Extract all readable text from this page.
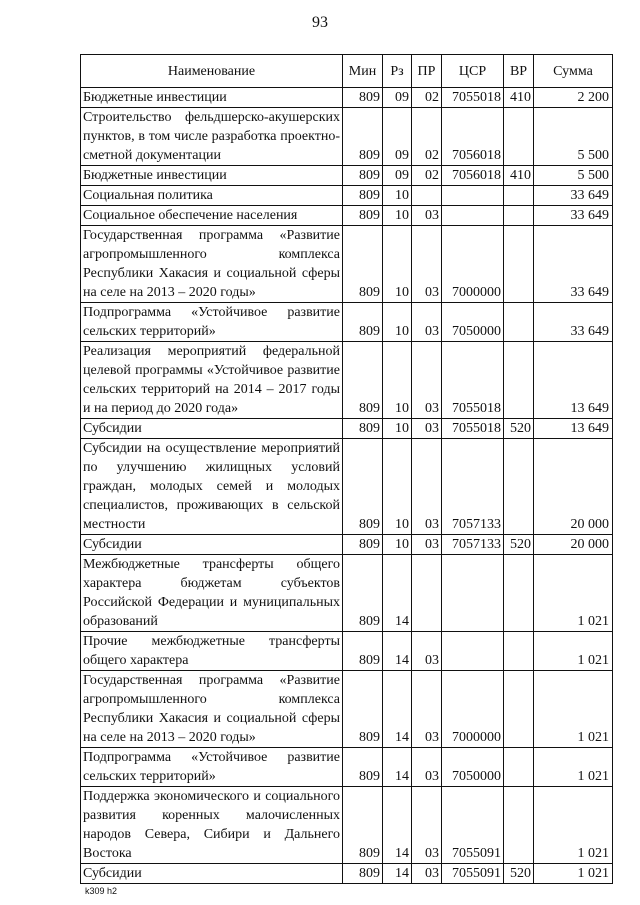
93
Наименование	Мин	Рз	ПР	ЦСР	ВР	Сумма
Бюджетные инвестиции	809	09	02	7055018	410	2 200
Строительство фельдшерско-акушерских пунктов, в том числе разработка проектно-сметной документации	809	09	02	7056018		5 500
Бюджетные инвестиции	809	09	02	7056018	410	5 500
Социальная политика	809	10				33 649
Социальное обеспечение населения	809	10	03			33 649
Государственная программа «Развитие агропромышленного комплекса Республики Хакасия и социальной сферы на селе на 2013 – 2020 годы»	809	10	03	7000000		33 649
Подпрограмма «Устойчивое развитие сельских территорий»	809	10	03	7050000		33 649
Реализация мероприятий федеральной целевой программы «Устойчивое развитие сельских территорий на 2014 – 2017 годы и на период до 2020 года»	809	10	03	7055018		13 649
Субсидии	809	10	03	7055018	520	13 649
Субсидии на осуществление мероприятий по улучшению жилищных условий граждан, молодых семей и молодых специалистов, проживающих в сельской местности	809	10	03	7057133		20 000
Субсидии	809	10	03	7057133	520	20 000
Межбюджетные трансферты общего характера бюджетам субъектов Российской Федерации и муниципальных образований	809	14				1 021
Прочие межбюджетные трансферты общего характера	809	14	03			1 021
Государственная программа «Развитие агропромышленного комплекса Республики Хакасия и социальной сферы на селе на 2013 – 2020 годы»	809	14	03	7000000		1 021
Подпрограмма «Устойчивое развитие сельских территорий»	809	14	03	7050000		1 021
Поддержка экономического и социального развития коренных малочисленных народов Севера, Сибири и Дальнего Востока	809	14	03	7055091		1 021
Субсидии	809	14	03	7055091	520	1 021
k309 h2
